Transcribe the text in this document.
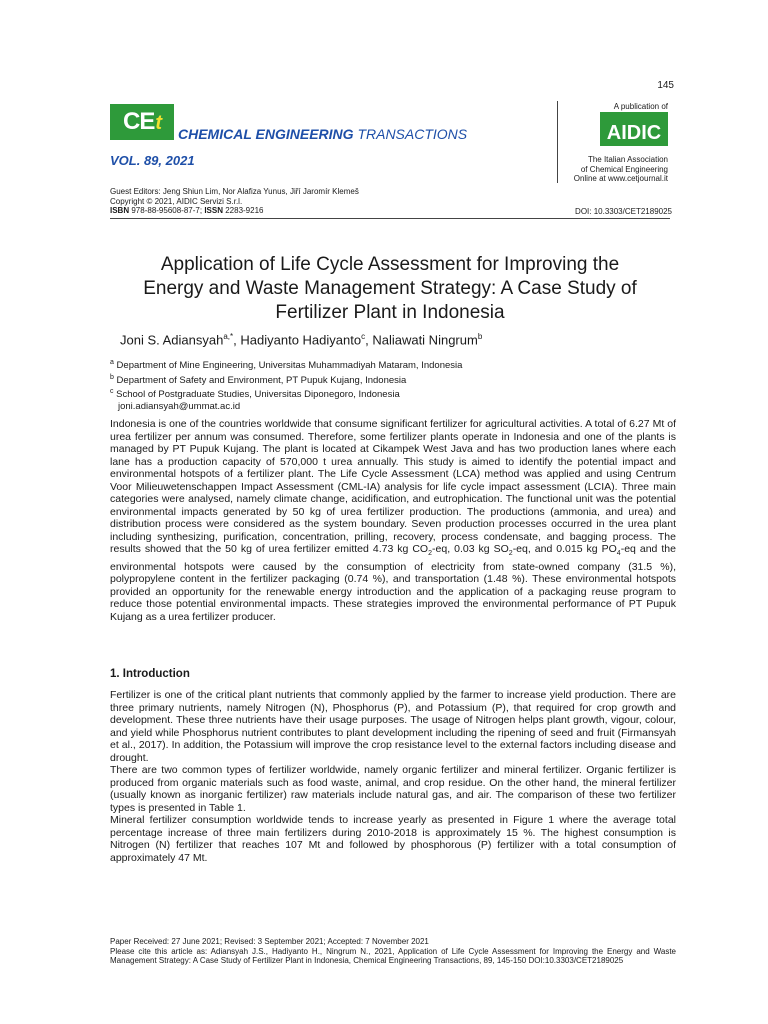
145
CEt CHEMICAL ENGINEERING TRANSACTIONS
VOL. 89, 2021
A publication of
AIDIC
The Italian Association
of Chemical Engineering
Online at www.cetjournal.it
Guest Editors: Jeng Shiun Lim, Nor Alafiza Yunus, Jiří Jaromír Klemeš
Copyright © 2021, AIDIC Servizi S.r.l.
ISBN 978-88-95608-87-7; ISSN 2283-9216	DOI: 10.3303/CET2189025
Application of Life Cycle Assessment for Improving the
Energy and Waste Management Strategy: A Case Study of
Fertilizer Plant in Indonesia
Joni S. Adiansyah$^{a,*}$, Hadiyanto Hadiyanto$^c$, Naliawati Ningrum$^b$
$^a$ Department of Mine Engineering, Universitas Muhammadiyah Mataram, Indonesia
$^b$ Department of Safety and Environment, PT Pupuk Kujang, Indonesia
$^c$ School of Postgraduate Studies, Universitas Diponegoro, Indonesia
joni.adiansyah@ummat.ac.id
Indonesia is one of the countries worldwide that consume significant fertilizer for agricultural activities. A total of 6.27 Mt of urea fertilizer per annum was consumed. Therefore, some fertilizer plants operate in Indonesia and one of the plants is managed by PT Pupuk Kujang. The plant is located at Cikampek West Java and has two production lanes where each lane has a production capacity of 570,000 t urea annually. This study is aimed to identify the potential impact and environmental hotspots of a fertilizer plant. The Life Cycle Assessment (LCA) method was applied and using Centrum Voor Milieuwetenschappen Impact Assessment (CML-IA) analysis for life cycle impact assessment (LCIA). Three main categories were analysed, namely climate change, acidification, and eutrophication. The functional unit was the potential environmental impacts generated by 50 kg of urea fertilizer production. The productions (ammonia, and urea) and distribution process were considered as the system boundary. Seven production processes occurred in the urea plant including synthesizing, purification, concentration, prilling, recovery, process condensate, and bagging process. The results showed that the 50 kg of urea fertilizer emitted 4.73 kg $CO_2-eq$, 0.03 kg $SO_2-eq$, and 0.015 kg $PO_4-eq$ and the environmental hotspots were caused by the consumption of electricity from state-owned company (31.5 %), polypropylene content in the fertilizer packaging (0.74 %), and transportation (1.48 %). These environmental hotspots provided an opportunity for the renewable energy introduction and the application of a packaging reuse program to reduce those potential environmental impacts. These strategies improved the environmental performance of PT Pupuk Kujang as a urea fertilizer producer.
1. Introduction

Fertilizer is one of the critical plant nutrients that commonly applied by the farmer to increase yield production. There are three primary nutrients, namely Nitrogen (N), Phosphorus (P), and Potassium (P), that required for crop growth and development. These three nutrients have their usage purposes. The usage of Nitrogen helps plant growth, vigour, colour, and yield while Phosphorus nutrient contributes to plant development including the ripening of seed and fruit (Firmansyah et al., 2017). In addition, the Potassium will improve the crop resistance level to the external factors including disease and drought.

There are two common types of fertilizer worldwide, namely organic fertilizer and mineral fertilizer. Organic fertilizer is produced from organic materials such as food waste, animal, and crop residue. On the other hand, the mineral fertilizer (usually known as inorganic fertilizer) raw materials include natural gas, and air. The comparison of these two fertilizer types is presented in Table 1.

Mineral fertilizer consumption worldwide tends to increase yearly as presented in Figure 1 where the average total percentage increase of three main fertilizers during 2010-2018 is approximately 15 %. The highest consumption is Nitrogen (N) fertilizer that reaches 107 Mt and followed by phosphorous (P) fertilizer with a total consumption of approximately 47 Mt.

Paper Received: 27 June 2021; Revised: 3 September 2021; Accepted: 7 November 2021

Please cite this article as: Adiansyah J.S., Hadiyanto H., Ningrum N., 2021, Application of Life Cycle Assessment for Improving the Energy and Waste Management Strategy: A Case Study of Fertilizer Plant in Indonesia, Chemical Engineering Transactions, 89, 145-150 DOI:10.3303/CET2189025
